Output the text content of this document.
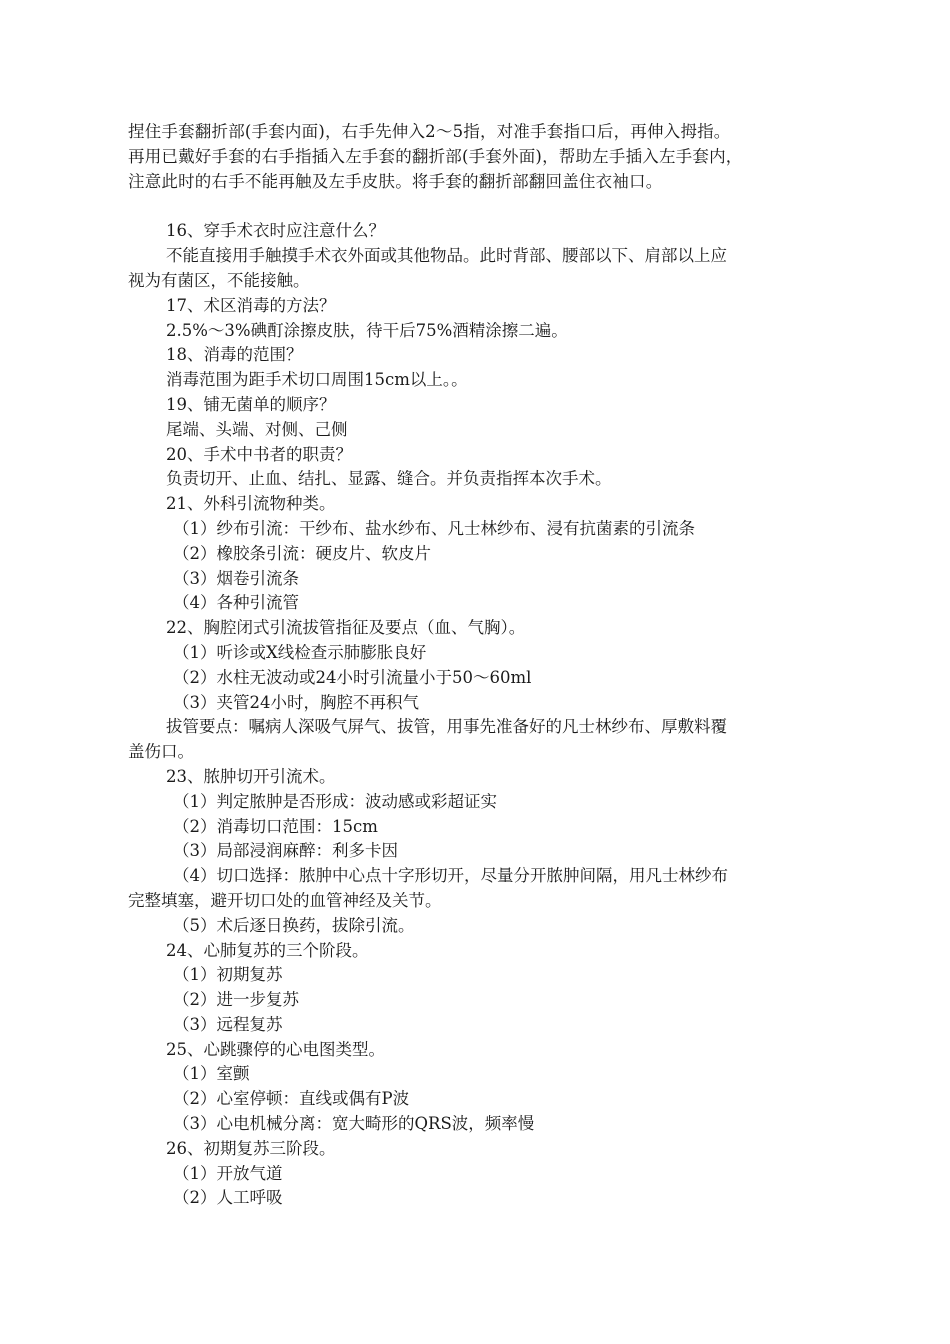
捏住手套翻折部(手套内面)，右手先伸入2～5指，对准手套指口后，再伸入拇指。
再用已戴好手套的右手指插入左手套的翻折部(手套外面)，帮助左手插入左手套内，
注意此时的右手不能再触及左手皮肤。将手套的翻折部翻回盖住衣袖口。
16、穿手术衣时应注意什么？
不能直接用手触摸手术衣外面或其他物品。此时背部、腰部以下、肩部以上应
视为有菌区，不能接触。
17、术区消毒的方法？
2.5%～3%碘酊涂擦皮肤，待干后75%酒精涂擦二遍。
18、消毒的范围？
消毒范围为距手术切口周围15cm以上。。
19、铺无菌单的顺序？
尾端、头端、对侧、己侧
20、手术中书者的职责？
负责切开、止血、结扎、显露、缝合。并负责指挥本次手术。
21、外科引流物种类。
（1）纱布引流：干纱布、盐水纱布、凡士林纱布、浸有抗菌素的引流条
（2）橡胶条引流：硬皮片、软皮片
（3）烟卷引流条
（4）各种引流管
22、胸腔闭式引流拔管指征及要点（血、气胸）。
（1）听诊或X线检查示肺膨胀良好
（2）水柱无波动或24小时引流量小于50～60ml
（3）夹管24小时，胸腔不再积气
拔管要点：嘱病人深吸气屏气、拔管，用事先准备好的凡士林纱布、厚敷料覆
盖伤口。
23、脓肿切开引流术。
（1）判定脓肿是否形成：波动感或彩超证实
（2）消毒切口范围：15cm
（3）局部浸润麻醉：利多卡因
（4）切口选择：脓肿中心点十字形切开，尽量分开脓肿间隔，用凡士林纱布
完整填塞，避开切口处的血管神经及关节。
（5）术后逐日换药，拔除引流。
24、心肺复苏的三个阶段。
（1）初期复苏
（2）进一步复苏
（3）远程复苏
25、心跳骤停的心电图类型。
（1）室颤
（2）心室停顿：直线或偶有P波
（3）心电机械分离：宽大畸形的QRS波，频率慢
26、初期复苏三阶段。
（1）开放气道
（2）人工呼吸
